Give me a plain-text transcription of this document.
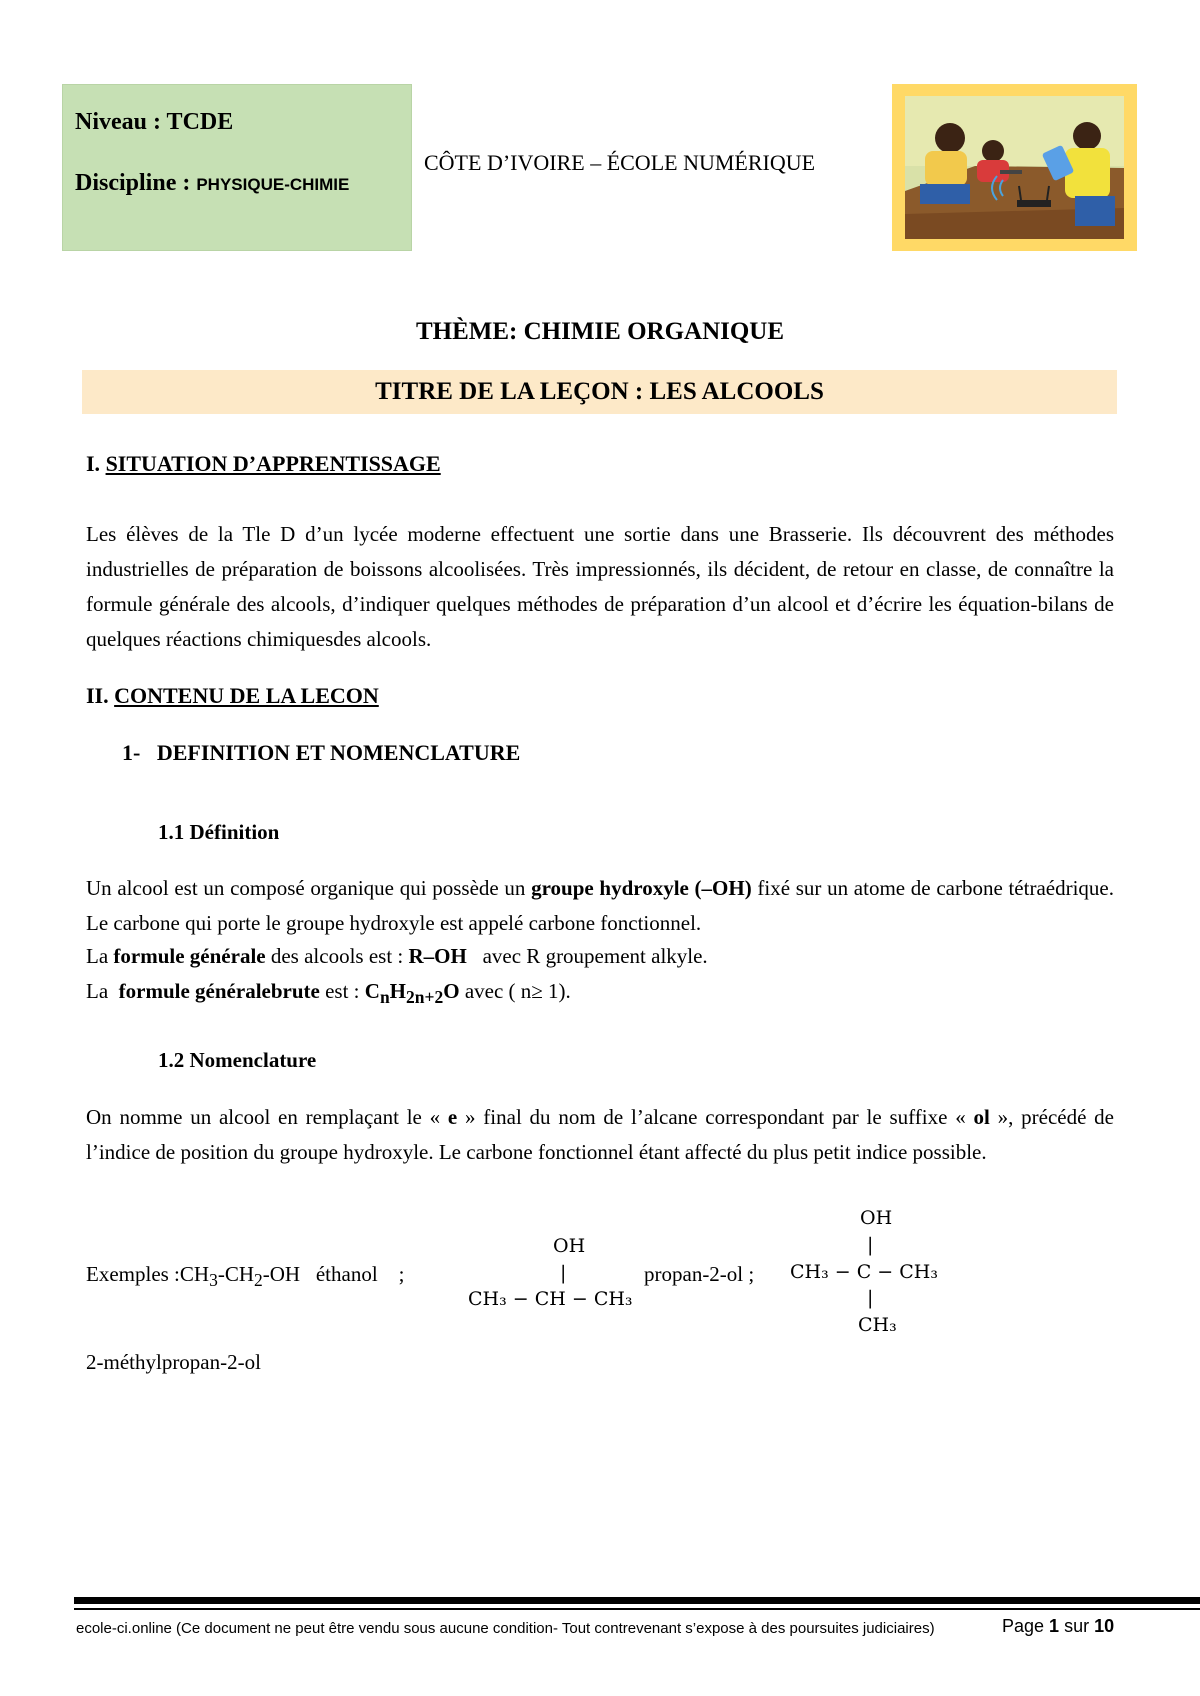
Niveau : TCDE
Discipline : PHYSIQUE-CHIMIE
CÔTE D’IVOIRE – ÉCOLE NUMÉRIQUE
THÈME: CHIMIE ORGANIQUE
TITRE DE LA LEÇON : LES ALCOOLS
I. SITUATION D’APPRENTISSAGE
Les élèves de la Tle D d’un lycée moderne effectuent une sortie dans une Brasserie. Ils découvrent des méthodes industrielles de préparation de boissons alcoolisées. Très impressionnés, ils décident, de retour en classe, de connaître la formule générale des alcools, d’indiquer quelques méthodes de préparation d’un alcool et d’écrire les équation-bilans de quelques réactions chimiquesdes alcools.
II. CONTENU DE LA LECON
1-   DEFINITION ET NOMENCLATURE
1.1 Définition
Un alcool est un composé organique qui possède un groupe hydroxyle (–OH) fixé sur un atome de carbone tétraédrique. Le carbone qui porte le groupe hydroxyle est appelé carbone fonctionnel.
La formule générale des alcools est : R–OH   avec R groupement alkyle.
La  formule généralebrute est : $C_nH_{2n+2}O$ avec ( n≥ 1).
1.2 Nomenclature
On nomme un alcool en remplaçant le « e » final du nom de l’alcane correspondant par le suffixe « ol », précédé de l’indice de position du groupe hydroxyle. Le carbone fonctionnel étant affecté du plus petit indice possible.
Exemples $:CH_3-CH_2-OH$   éthanol    ;
OH
|
CH₃ − CH − CH₃
propan-2-ol ;
OH
|
CH₃ − C − CH₃
|
CH₃
2-méthylpropan-2-ol
ecole-ci.online (Ce document ne peut être vendu sous aucune condition- Tout contrevenant s’expose à des poursuites judiciaires)	Page 1 sur 10
